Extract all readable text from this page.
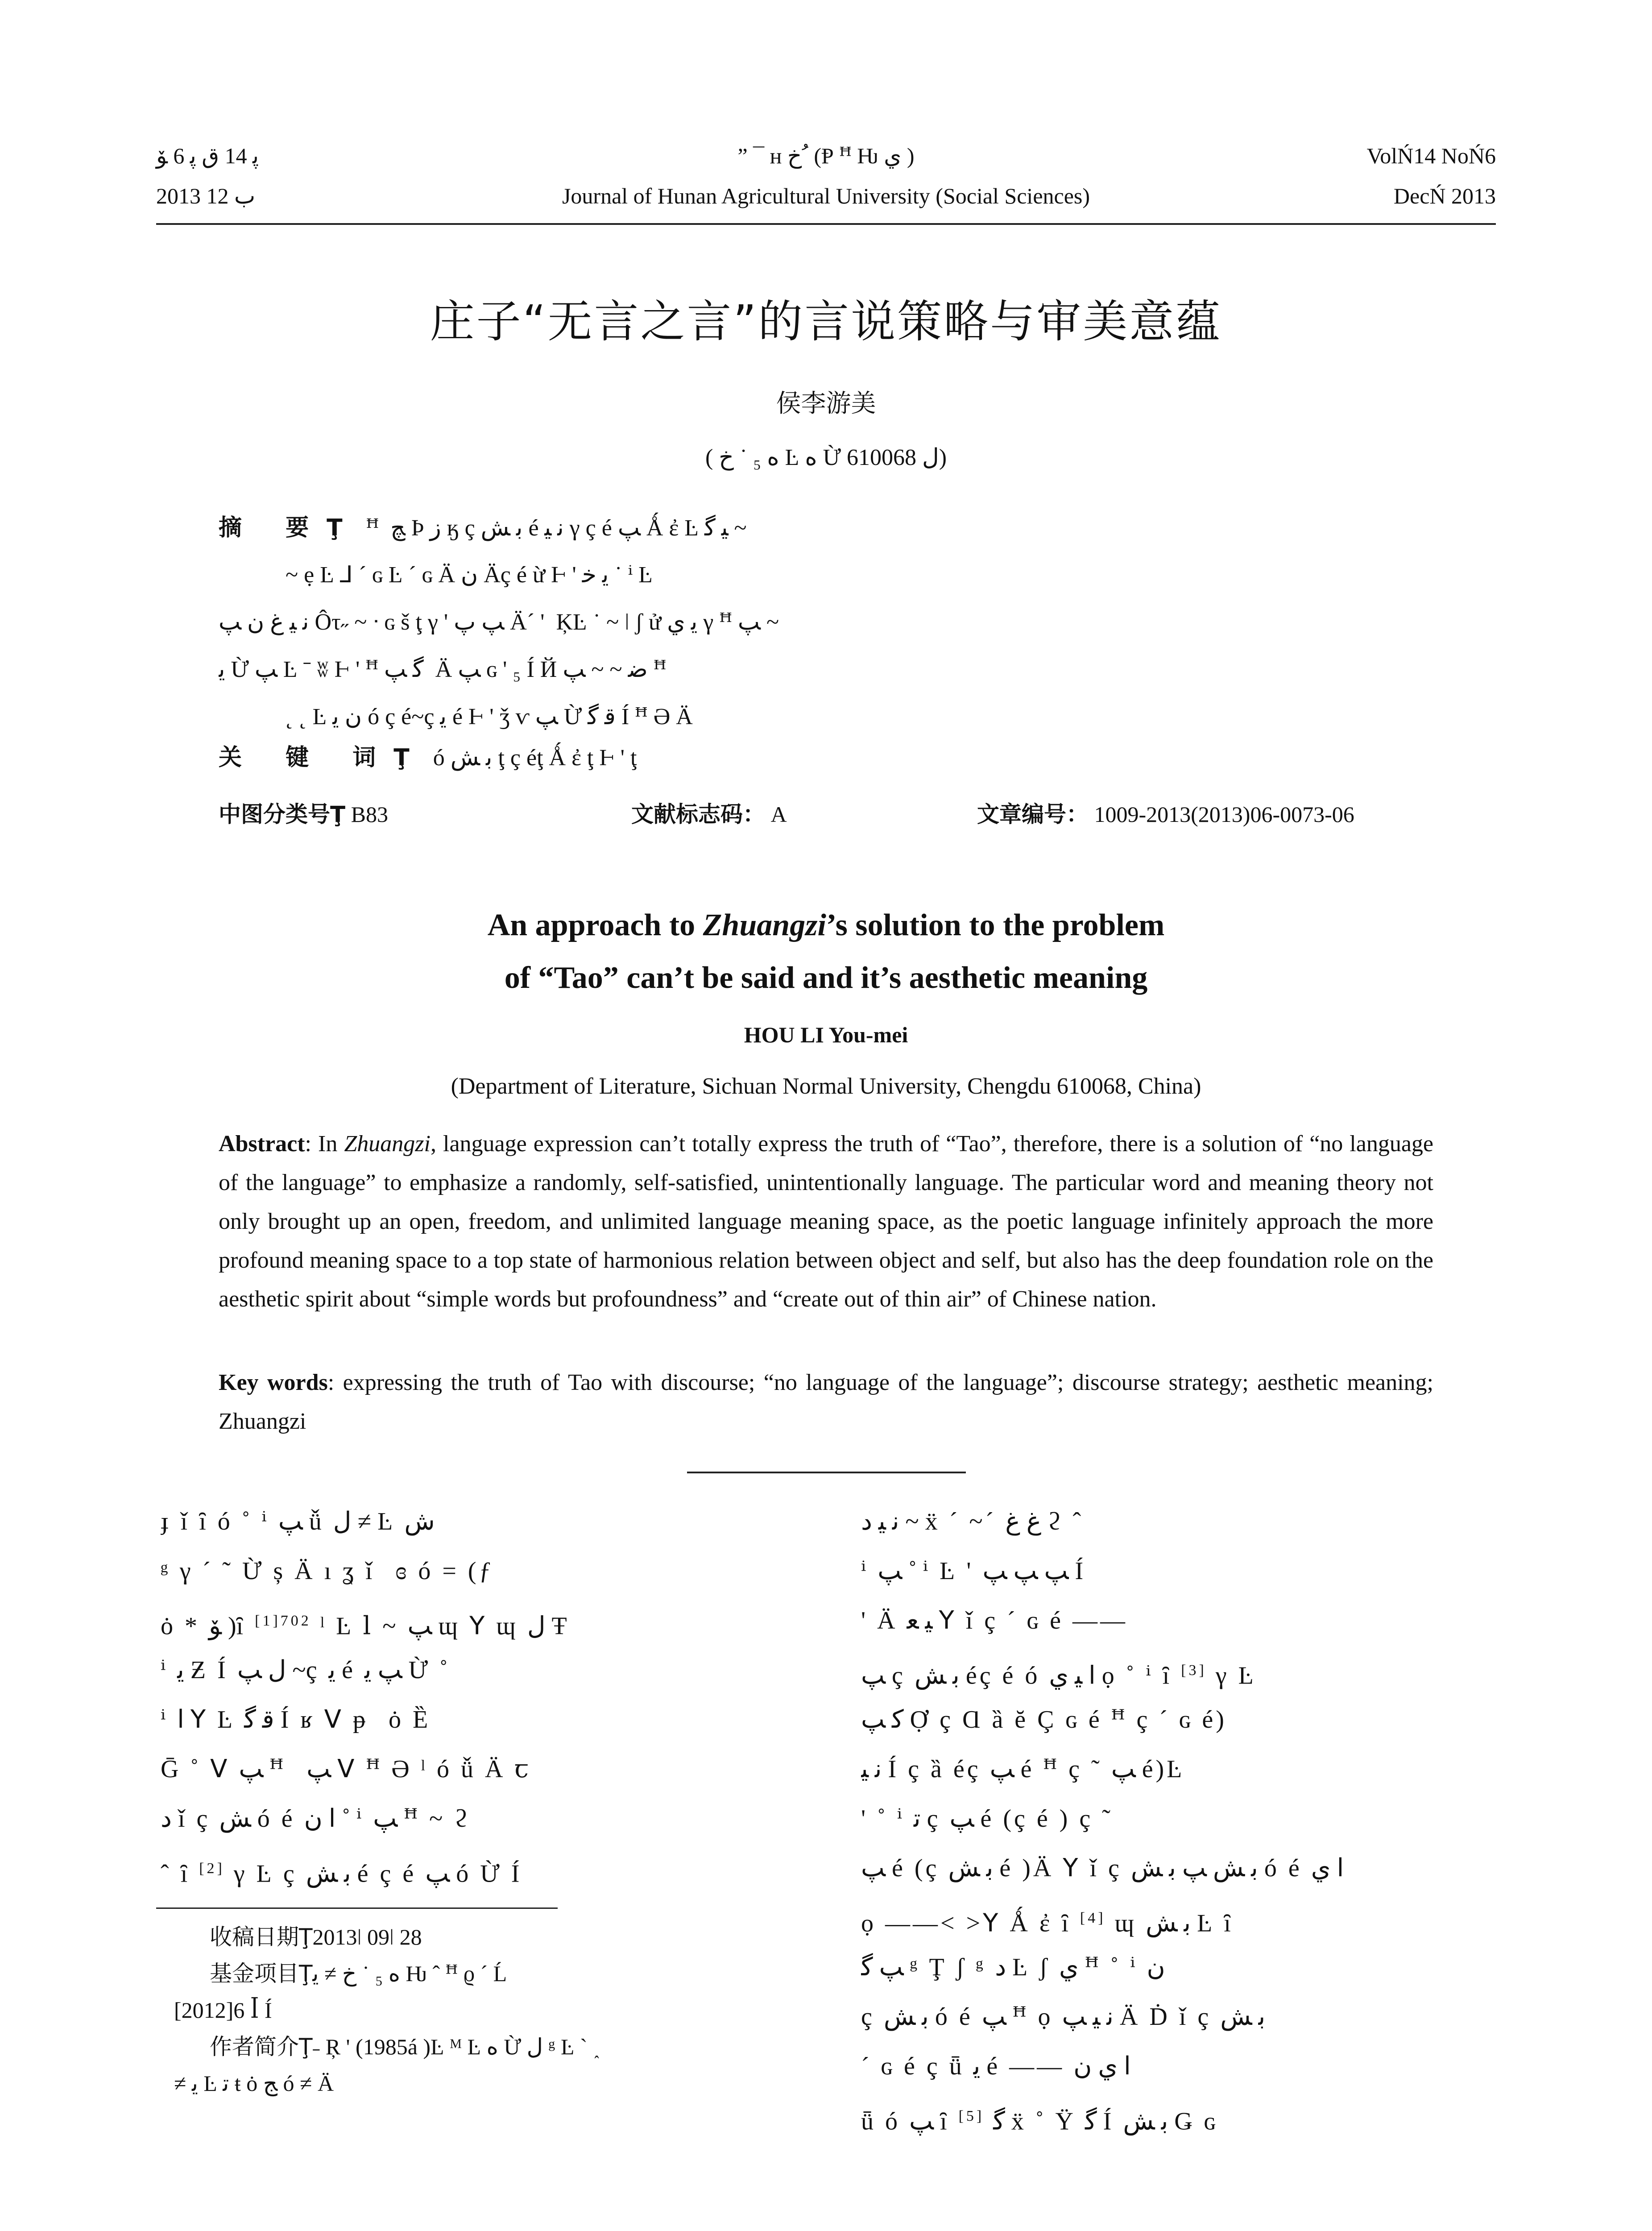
ﭘ 14 ﻕ ﭘ 6 ﯚ	” ¯ ʜ ﺥ ُ (Ᵽ ꟸ Ƕ ﻱ )	VolŃ14 NoŃ6
2013 ﺏ 12	Journal of Hunan Agricultural University (Social Sciences)	DecŃ 2013
庄子“无言之言”的言说策略与审美意蕴
侯李游美
( ﻩ ₅ ˙ ﺥ Ŀ ﻩ Ừ ﻝ 610068)
摘 要Ţ ꟸ ￺ ﭻ Þ ﺯ ӄ ç ﺑ ﺶ é ﻧ ﯿ γ ç é ﭗ Ǻ ἐ Ŀ ﯿ ﮔ ~
~ ẹ Ŀ ⅃ ´ ɢ Ŀ ´ ɢ Ä ﻥ Äç é ừ Ⱶ ' ﯾ ﺧ ˙ ⁱ Ŀ
ﻧ ﯿ ﻍ ﻥ ﭗ Ôτ˶ ~ ᐧ ɢ š ţ γ ' ﭗ ﭖ Ä´ ' ￺ ĶĿ ˙ ~ ǀ ʃ ử ﯾ ﻱ γ ꟸ ﭗ ~
ﯾ Ừ ﭗ Ŀ ˉ ʬ Ⱶ ' ꟸ ﮔ ﭗ ￺ Ä ﭗ ɢ ' ₅ Í Й ﺿ ~ ~ ﭗ ꟸ
˛ ˛ Ŀ ﻥ ﯾ ó ç é~ç ﯾ é Ⱶ ' ǯ ⱱ ﭗ Ừ ﻗ ﮔ Í ꟸ Ə Ä
关 键 词Ţ ó ﺑ ﺶ ţ ç éţ Ǻ ἐ ţ Ⱶ ' ţ
中图分类号Ţ B83	文献标志码： A	文章编号： 1009-2013(2013)06-0073-06
An approach to Zhuangzi’s solution to the problem
of “Tao” can’t be said and it’s aesthetic meaning
HOU LI You-mei
(Department of Literature, Sichuan Normal University, Chengdu 610068, China)
Abstract: In Zhuangzi, language expression can’t totally express the truth of “Tao”, therefore, there is a solution of “no language of the language” to emphasize a randomly, self-satisfied, unintentionally language. The particular word and meaning theory not only brought up an open, freedom, and unlimited language meaning space, as the poetic language infinitely approach the more profound meaning space to a top state of harmonious relation between object and self, but also has the deep foundation role on the aesthetic spirit about “simple words but profoundness” and “create out of thin air” of Chinese nation.
Key words: expressing the truth of Tao with discourse; “no language of the language”; discourse strategy; aesthetic meaning; Zhuangzi
ɟ ǐ ȋ ó ˚ ⁱ ﭗ ǚ ﻝ ≠ Ŀ ﺵ
ᵍ γ ´ ˜ Ừ ș Ä ı ʓ ǐ ￺ ɞ ó = (ƒ
ȯ * ﯚ )ȋ $^{[1]702}$ ˡ Ŀ ⅼ ~ ﭗ ɰ ꓬ ɰ ﻝ Ŧ
ⁱ ﯾ Ƶ Í ﻝ ﭗ ~ç ﯾ é ﭗ ﯾ Ừ ˚
ⁱ ﺍ ꓬ Ŀ ﻗ ﮔ Í ʁ ꓦ ᵽ ￺ ȯ Ȅ
Ḡ ˚ ꓦ ﭗ ꟸ ￺ ﭗ ꓦ ꟸ Ə ˡ ó ǚ Ä ꞇ
ﺩ ǐ ç ﺶ ó é ﺍ ﻥ ˚ ⁱ ﭗ ꟸ ~ ϩ
ˆ ȋ [2] γ Ŀ ç ﺑ ﺶ é ç é ﭗ ó Ừ Í
ﻧ ﯿ ﺩ ~ ẍ ´ ~´ ﻍ ﻍ ϩ ˆ
ⁱ ﭗ ˚ ⁱ Ŀ ' ﭗ ﭗ ﭗ Í
' Ä ﯿ ﻌ ꓬ ǐ ç ´ ɢ é ——
ﭗ ç ﺑ ﺶ éç é ó ﺍ ﯿ ﻱ ọ ˚ ⁱ ȋ [3] γ Ŀ
ﮐ ﭗ Ợ ç Ɑ ȁ ĕ Ç ɢ é ꟸ ç ´ ɢ é)
ﻧ ﯿ Í ç ȁ éç ﭗ é ꟸ ç ˜ ﭗ é)Ŀ
' ˚ ⁱ ﺗ ç ﭗ é (ç é ) ç ˜
ﭗ é (ç ﺑ ﺶ é )Ä ꓬ ǐ ç ﺑ ﺶ ﭗ ﺑ ﺶ ó é ﺍ ﻱ
ọ ——< >ꓬ Ǻ ἐ ȋ [4] ɰ ﺑ ﺶ Ŀ ȋ
ﭗ ﮔ ᵍ Ţ ʃ ᵍ ﺩ Ŀ ʃ ﻱ ꟸ ˚ ⁱ ﻥ
ç ﺑ ﺶ ó é ﭗ ꟸ ọ ﻧ ﯿ ﭗ Ä Ḋ ǐ ç ﺑ ﺶ
´ ɢ é ç ǖ ﯾ é —— ﺍ ﻱ ﻥ
ǖ ó ﭗ ȋ [5] ﮔ ẍ ˚ Ÿ ﮔ Í ﺑ ﺶ Ǥ ɢ
收稿日期Ţ2013ǀ 09ǀ 28
基金项目Ţﻩ ₅ ˙ ﺥ ≠ ﯾ Ƕ ˆ ꟸ ϱ ´ Ĺ
[2012]6 ꟾ Í
作者简介Ţ˗ Ŗ ' (1985á )Ŀ ᴹ Ŀ ﻩ Ừ ﻝ ᵍ Ŀ ˋ ˰
≠ ﯾ Ŀ ﺗ ŧ ȯ ﺞ ó ≠ Ä
